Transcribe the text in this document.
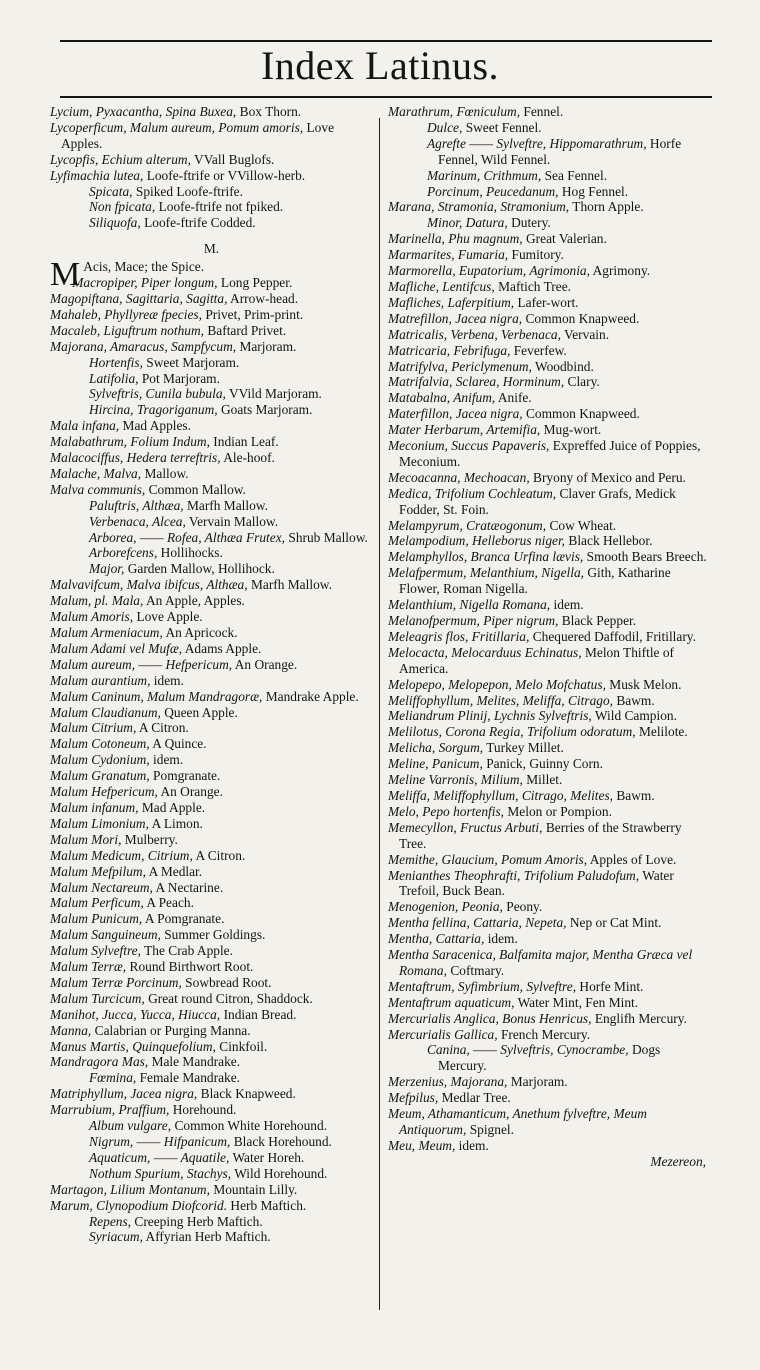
Index Latinus.

Lycium, Pyxacantha, Spina Buxea, Box Thorn.

Lycoperficum, Malum aureum, Pomum amoris, Love Apples.

Lycopfis, Echium alterum, VVall Buglofs.

Lyfimachia lutea, Loofe-ftrife or VVillow-herb.

Spicata, Spiked Loofe-ftrife.

Non fpicata, Loofe-ftrife not fpiked.

Siliquofa, Loofe-ftrife Codded.

M.

M Acis, Mace; the Spice.

Macropiper, Piper longum, Long Pepper.

Magopiftana, Sagittaria, Sagitta, Arrow-head.

Mahaleb, Phyllyreæ fpecies, Privet, Prim-print.

Macaleb, Liguftrum nothum, Baftard Privet.

Majorana, Amaracus, Sampfycum, Marjoram.

Hortenfis, Sweet Marjoram.

Latifolia, Pot Marjoram.

Sylveftris, Cunila bubula, VVild Marjoram.

Hircina, Tragoriganum, Goats Marjoram.

Mala infana, Mad Apples.

Malabathrum, Folium Indum, Indian Leaf.

Malacociffus, Hedera terreftris, Ale-hoof.

Malache, Malva, Mallow.

Malva communis, Common Mallow.

Paluftris, Althæa, Marfh Mallow.

Verbenaca, Alcea, Vervain Mallow.

Arborea, —— Rofea, Althæa Frutex, Shrub Mallow.

Arborefcens, Hollihocks.

Major, Garden Mallow, Hollihock.

Malvavifcum, Malva ibifcus, Althæa, Marfh Mallow.

Malum, pl. Mala, An Apple, Apples.

Malum Amoris, Love Apple.

Malum Armeniacum, An Apricock.

Malum Adami vel Mufæ, Adams Apple.

Malum aureum, —— Hefpericum, An Orange.

Malum aurantium, idem.

Malum Caninum, Malum Mandragoræ, Mandrake Apple.

Malum Claudianum, Queen Apple.

Malum Citrium, A Citron.

Malum Cotoneum, A Quince.

Malum Cydonium, idem.

Malum Granatum, Pomgranate.

Malum Hefpericum, An Orange.

Malum infanum, Mad Apple.

Malum Limonium, A Limon.

Malum Mori, Mulberry.

Malum Medicum, Citrium, A Citron.

Malum Mefpilum, A Medlar.

Malum Nectareum, A Nectarine.

Malum Perficum, A Peach.

Malum Punicum, A Pomgranate.

Malum Sanguineum, Summer Goldings.

Malum Sylveftre, The Crab Apple.

Malum Terræ, Round Birthwort Root.

Malum Terræ Porcinum, Sowbread Root.

Malum Turcicum, Great round Citron, Shaddock.

Manihot, Jucca, Yucca, Hiucca, Indian Bread.

Manna, Calabrian or Purging Manna.

Manus Martis, Quinquefolium, Cinkfoil.

Mandragora Mas, Male Mandrake.

Fœmina, Female Mandrake.

Matriphyllum, Jacea nigra, Black Knapweed.

Marrubium, Praffium, Horehound.

Album vulgare, Common White Horehound.

Nigrum, —— Hifpanicum, Black Horehound.

Aquaticum, —— Aquatile, Water Horeh.

Nothum Spurium, Stachys, Wild Horehound.

Martagon, Lilium Montanum, Mountain Lilly.

Marum, Clynopodium Diofcorid. Herb Maftich.

Repens, Creeping Herb Maftich.

Syriacum, Affyrian Herb Maftich.

Marathrum, Fœniculum, Fennel.

Dulce, Sweet Fennel.

Agrefte —— Sylveftre, Hippomarathrum, Horfe Fennel, Wild Fennel.

Marinum, Crithmum, Sea Fennel.

Porcinum, Peucedanum, Hog Fennel.

Marana, Stramonia, Stramonium, Thorn Apple.

Minor, Datura, Dutery.

Marinella, Phu magnum, Great Valerian.

Marmarites, Fumaria, Fumitory.

Marmorella, Eupatorium, Agrimonia, Agrimony.

Mafliche, Lentifcus, Maftich Tree.

Mafliches, Laferpitium, Lafer-wort.

Matrefillon, Jacea nigra, Common Knapweed.

Matricalis, Verbena, Verbenaca, Vervain.

Matricaria, Febrifuga, Feverfew.

Matrifylva, Periclymenum, Woodbind.

Matrifalvia, Sclarea, Horminum, Clary.

Matabalna, Anifum, Anife.

Materfillon, Jacea nigra, Common Knapweed.

Mater Herbarum, Artemifia, Mug-wort.

Meconium, Succus Papaveris, Expreffed Juice of Poppies, Meconium.

Mecoacanna, Mechoacan, Bryony of Mexico and Peru.

Medica, Trifolium Cochleatum, Claver Grafs, Medick Fodder, St. Foin.

Melampyrum, Cratæogonum, Cow Wheat.

Melampodium, Helleborus niger, Black Hellebor.

Melamphyllos, Branca Urfina lævis, Smooth Bears Breech.

Melafpermum, Melanthium, Nigella, Gith, Katharine Flower, Roman Nigella.

Melanthium, Nigella Romana, idem.

Melanofpermum, Piper nigrum, Black Pepper.

Meleagris flos, Fritillaria, Chequered Daffodil, Fritillary.

Melocacta, Melocarduus Echinatus, Melon Thiftle of America.

Melopepo, Melopepon, Melo Mofchatus, Musk Melon.

Meliffophyllum, Melites, Meliffa, Citrago, Bawm.

Meliandrum Plinij, Lychnis Sylveftris, Wild Campion.

Melilotus, Corona Regia, Trifolium odoratum, Melilote.

Melicha, Sorgum, Turkey Millet.

Meline, Panicum, Panick, Guinny Corn.

Meline Varronis, Milium, Millet.

Meliffa, Meliffophyllum, Citrago, Melites, Bawm.

Melo, Pepo hortenfis, Melon or Pompion.

Memecyllon, Fructus Arbuti, Berries of the Strawberry Tree.

Memithe, Glaucium, Pomum Amoris, Apples of Love.

Menianthes Theophrafti, Trifolium Paludofum, Water Trefoil, Buck Bean.

Menogenion, Peonia, Peony.

Mentha fellina, Cattaria, Nepeta, Nep or Cat Mint.

Mentha, Cattaria, idem.

Mentha Saracenica, Balfamita major, Mentha Græca vel Romana, Coftmary.

Mentaftrum, Syfimbrium, Sylveftre, Horfe Mint.

Mentaftrum aquaticum, Water Mint, Fen Mint.

Mercurialis Anglica, Bonus Henricus, Englifh Mercury.

Mercurialis Gallica, French Mercury.

Canina, —— Sylveftris, Cynocrambe, Dogs Mercury.

Merzenius, Majorana, Marjoram.

Mefpilus, Medlar Tree.

Meum, Athamanticum, Anethum fylveftre, Meum Antiquorum, Spignel.

Meu, Meum, idem.

Mezereon,
